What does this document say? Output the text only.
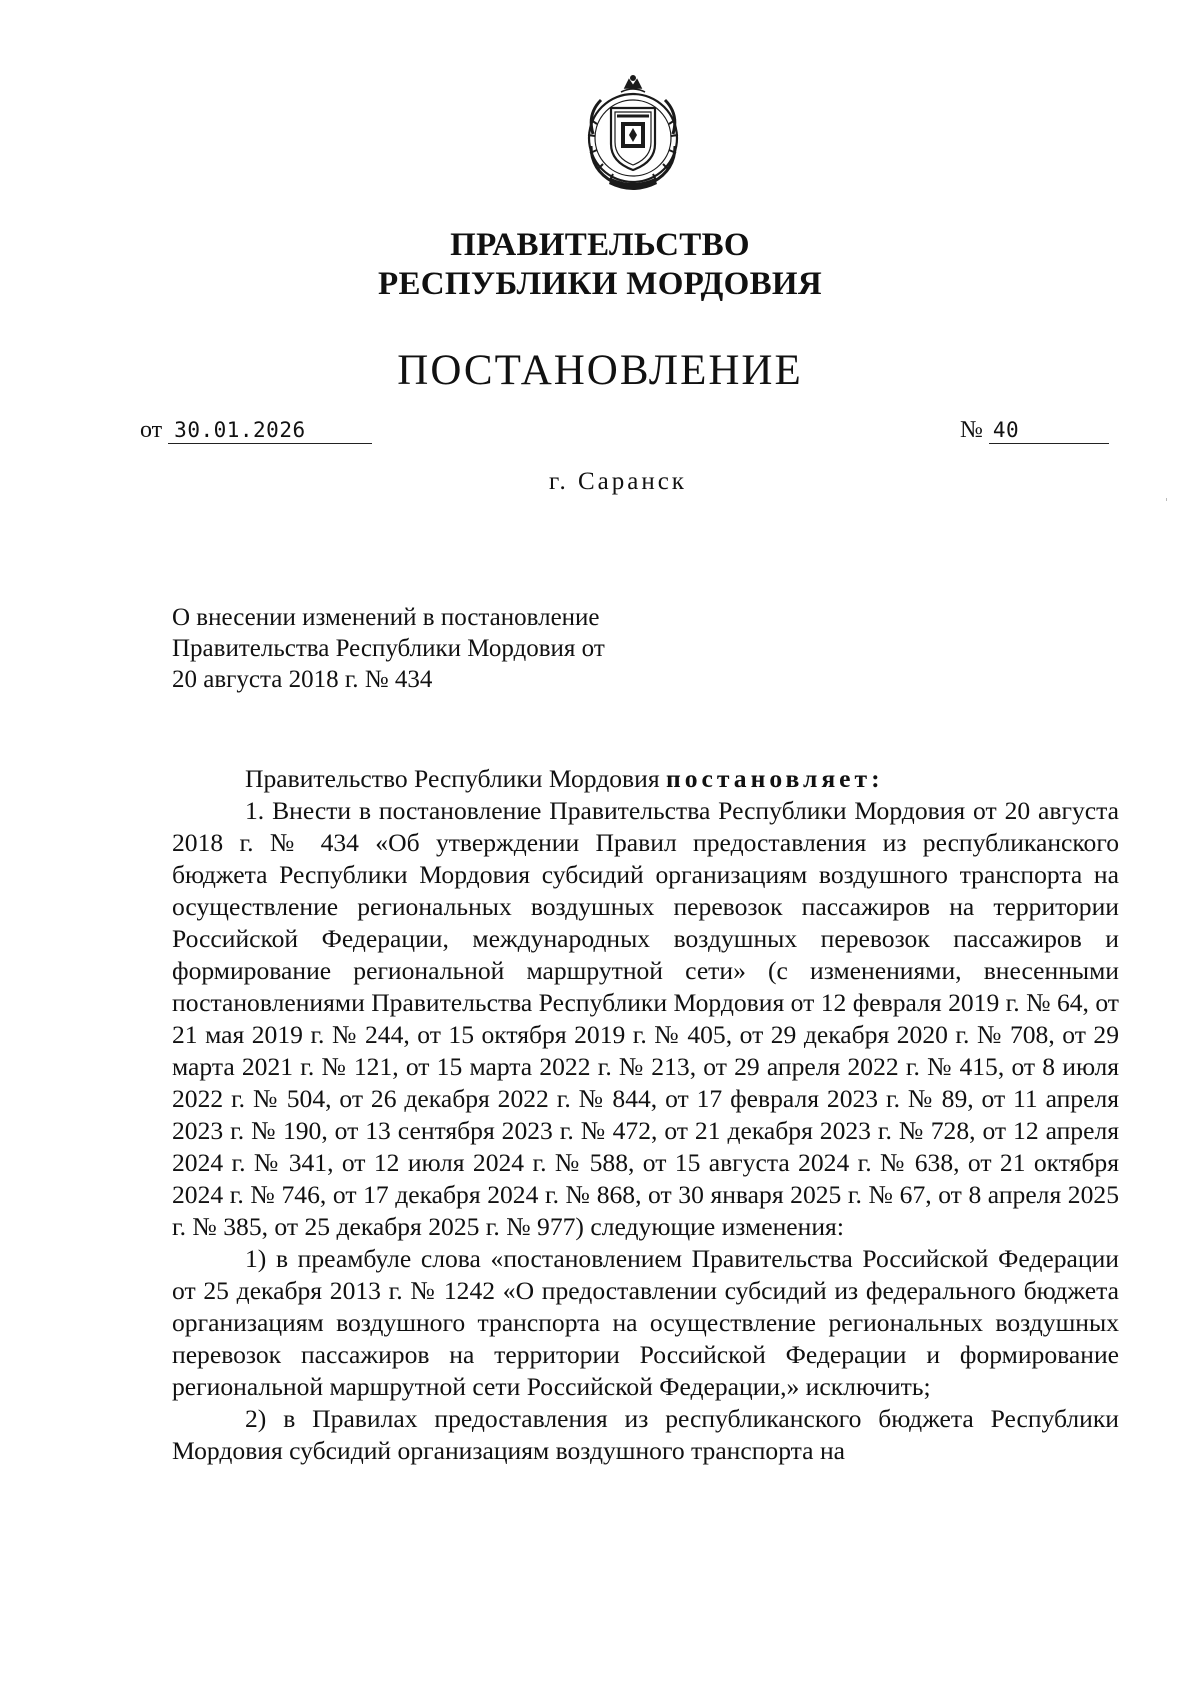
ПРАВИТЕЛЬСТВО
РЕСПУБЛИКИ МОРДОВИЯ
ПОСТАНОВЛЕНИЕ
от 30.01.2026	№ 40
г. Саранск
О внесении изменений в постановление
Правительства Республики Мордовия от
20 августа 2018 г. № 434

Правительство Республики Мордовия постановляет:

1. Внести в постановление Правительства Республики Мордовия от 20 августа 2018 г. № 434 «Об утверждении Правил предоставления из республиканского бюджета Республики Мордовия субсидий организациям воздушного транспорта на осуществление региональных воздушных перевозок пассажиров на территории Российской Федерации, международных воздушных перевозок пассажиров и формирование региональной маршрутной сети» (с изменениями, внесенными постановлениями Правительства Республики Мордовия от 12 февраля 2019 г. № 64, от 21 мая 2019 г. № 244, от 15 октября 2019 г. № 405, от 29 декабря 2020 г. № 708, от 29 марта 2021 г. № 121, от 15 марта 2022 г. № 213, от 29 апреля 2022 г. № 415, от 8 июля 2022 г. № 504, от 26 декабря 2022 г. № 844, от 17 февраля 2023 г. № 89, от 11 апреля 2023 г. № 190, от 13 сентября 2023 г. № 472, от 21 декабря 2023 г. № 728, от 12 апреля 2024 г. № 341, от 12 июля 2024 г. № 588, от 15 августа 2024 г. № 638, от 21 октября 2024 г. № 746, от 17 декабря 2024 г. № 868, от 30 января 2025 г. № 67, от 8 апреля 2025 г. № 385, от 25 декабря 2025 г. № 977) следующие изменения:

1) в преамбуле слова «постановлением Правительства Российской Федерации от 25 декабря 2013 г. № 1242 «О предоставлении субсидий из федерального бюджета организациям воздушного транспорта на осуществление региональных воздушных перевозок пассажиров на территории Российской Федерации и формирование региональной маршрутной сети Российской Федерации,» исключить;

2) в Правилах предоставления из республиканского бюджета Республики Мордовия субсидий организациям воздушного транспорта на
